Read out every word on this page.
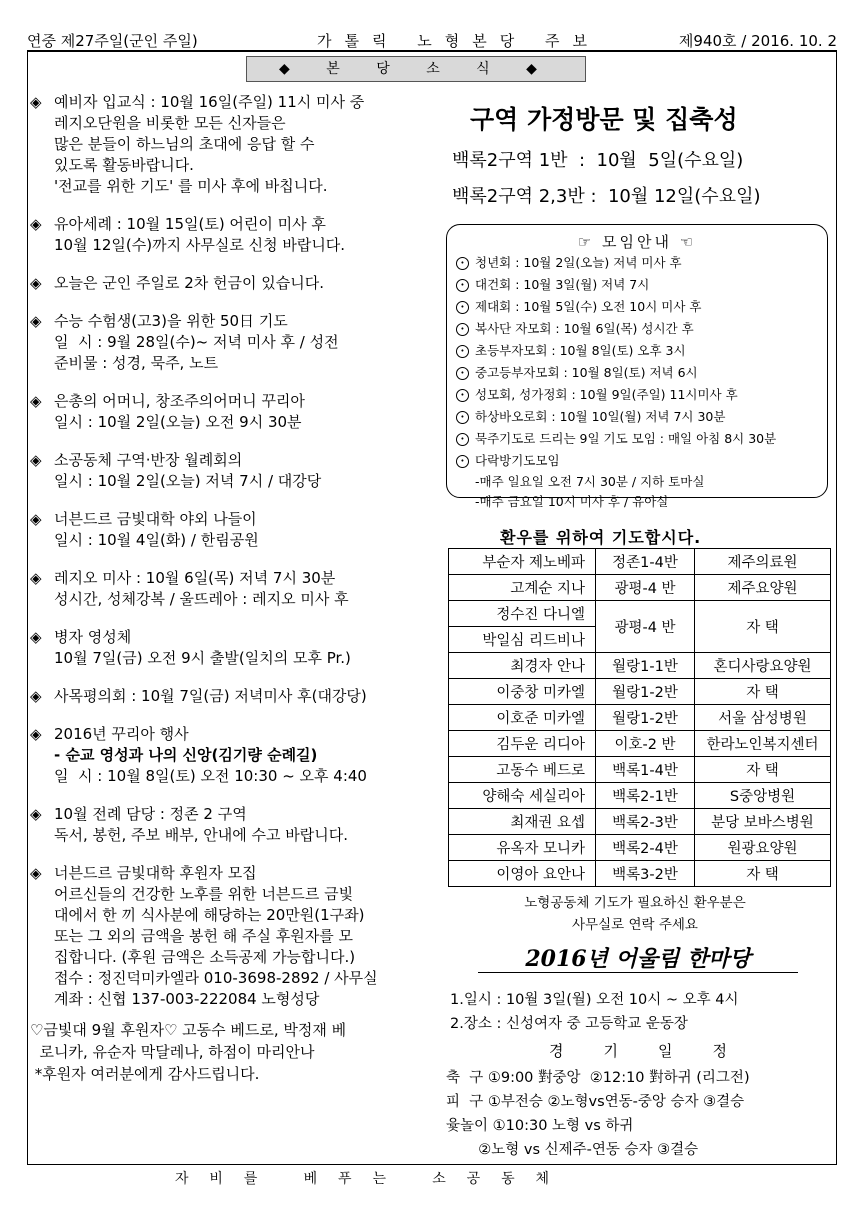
연중 제27주일(군인 주일)	가톨릭 노형본당 주보	제940호 / 2016. 10. 2
◆ 본 당 소 식 ◆
◈ 예비자 입교식 : 10월 16일(주일) 11시 미사 중
레지오단원을 비롯한 모든 신자들은
많은 분들이 하느님의 초대에 응답 할 수
있도록 활동바랍니다.
'전교를 위한 기도' 를 미사 후에 바칩니다.
◈ 유아세례 : 10월 15일(토) 어린이 미사 후
10월 12일(수)까지 사무실로 신청 바랍니다.
◈ 오늘은 군인 주일로 2차 헌금이 있습니다.
◈ 수능 수험생(고3)을 위한 50日 기도
일  시 : 9월 28일(수)~ 저녁 미사 후 / 성전
준비물 : 성경, 묵주, 노트
◈ 은총의 어머니, 창조주의어머니 꾸리아
일시 : 10월 2일(오늘) 오전 9시 30분
◈ 소공동체 구역·반장 월례회의
일시 : 10월 2일(오늘) 저녁 7시 / 대강당
◈ 너븐드르 금빛대학 야외 나들이
일시 : 10월 4일(화) / 한림공원
◈ 레지오 미사 : 10월 6일(목) 저녁 7시 30분
성시간, 성체강복 / 울뜨레아 : 레지오 미사 후
◈ 병자 영성체
10월 7일(금) 오전 9시 출발(일치의 모후 Pr.)
◈ 사목평의회 : 10월 7일(금) 저녁미사 후(대강당)
◈ 2016년 꾸리아 행사
- 순교 영성과 나의 신앙(김기량 순례길)
일  시 : 10월 8일(토) 오전 10:30 ~ 오후 4:40
◈ 10월 전례 담당 : 정존 2 구역
독서, 봉헌, 주보 배부, 안내에 수고 바랍니다.
◈ 너븐드르 금빛대학 후원자 모집
어르신들의 건강한 노후를 위한 너븐드르 금빛
대에서 한 끼 식사분에 해당하는 20만원(1구좌)
또는 그 외의 금액을 봉헌 해 주실 후원자를 모
집합니다. (후원 금액은 소득공제 가능합니다.)
접수 : 정진덕미카엘라 010-3698-2892 / 사무실
계좌 : 신협 137-003-222084 노형성당
♡금빛대 9월 후원자♡ 고동수 베드로, 박정재 베
로니카, 유순자 막달레나, 하점이 마리안나
*후원자 여러분에게 감사드립니다.
구역 가정방문 및 집축성
백록2구역 1반  :  10월  5일(수요일)
백록2구역 2,3반 :  10월 12일(수요일)
☞ 모임안내 ☜
• 청년회 : 10월 2일(오늘) 저녁 미사 후
• 대건회 : 10월 3일(월) 저녁 7시
• 제대회 : 10월 5일(수) 오전 10시 미사 후
• 복사단 자모회 : 10월 6일(목) 성시간 후
• 초등부자모회 : 10월 8일(토) 오후 3시
• 중고등부자모회 : 10월 8일(토) 저녁 6시
• 성모회, 성가정회 : 10월 9일(주일) 11시미사 후
• 하상바오로회 : 10월 10일(월) 저녁 7시 30분
• 묵주기도로 드리는 9일 기도 모임 : 매일 아침 8시 30분
• 다락방기도모임
-매주 일요일 오전 7시 30분 / 지하 토마실
-매주 금요일 10시 미사 후 / 유아실
환우를 위하여 기도합시다.
부순자 제노베파	정존1-4반	제주의료원
고계순 지나	광평-4 반	제주요양원
정수진 다니엘	광평-4 반	자 택
박일심 리드비나		
최경자 안나	월랑1-1반	혼디사랑요양원
이중창 미카엘	월랑1-2반	자 택
이호준 미카엘	월랑1-2반	서울 삼성병원
김두운 리디아	이호-2 반	한라노인복지센터
고동수 베드로	백록1-4반	자 택
양해숙 세실리아	백록2-1반	S중앙병원
최재권 요셉	백록2-3반	분당 보바스병원
유옥자 모니카	백록2-4반	원광요양원
이영아 요안나	백록3-2반	자 택
노형공동체 기도가 필요하신 환우분은
사무실로 연락 주세요
2016년 어울림 한마당
1.일시 : 10월 3일(월) 오전 10시 ~ 오후 4시
2.장소 : 신성여자 중 고등학교 운동장
경기일정
축  구 ①9:00 對중앙  ②12:10 對하귀 (리그전)
피  구 ①부전승 ②노형vs연동-중앙 승자 ③결승
윷놀이 ①10:30 노형 vs 하귀
②노형 vs 신제주-연동 승자 ③결승
자  비  를     베  푸  는     소  공  동  체
